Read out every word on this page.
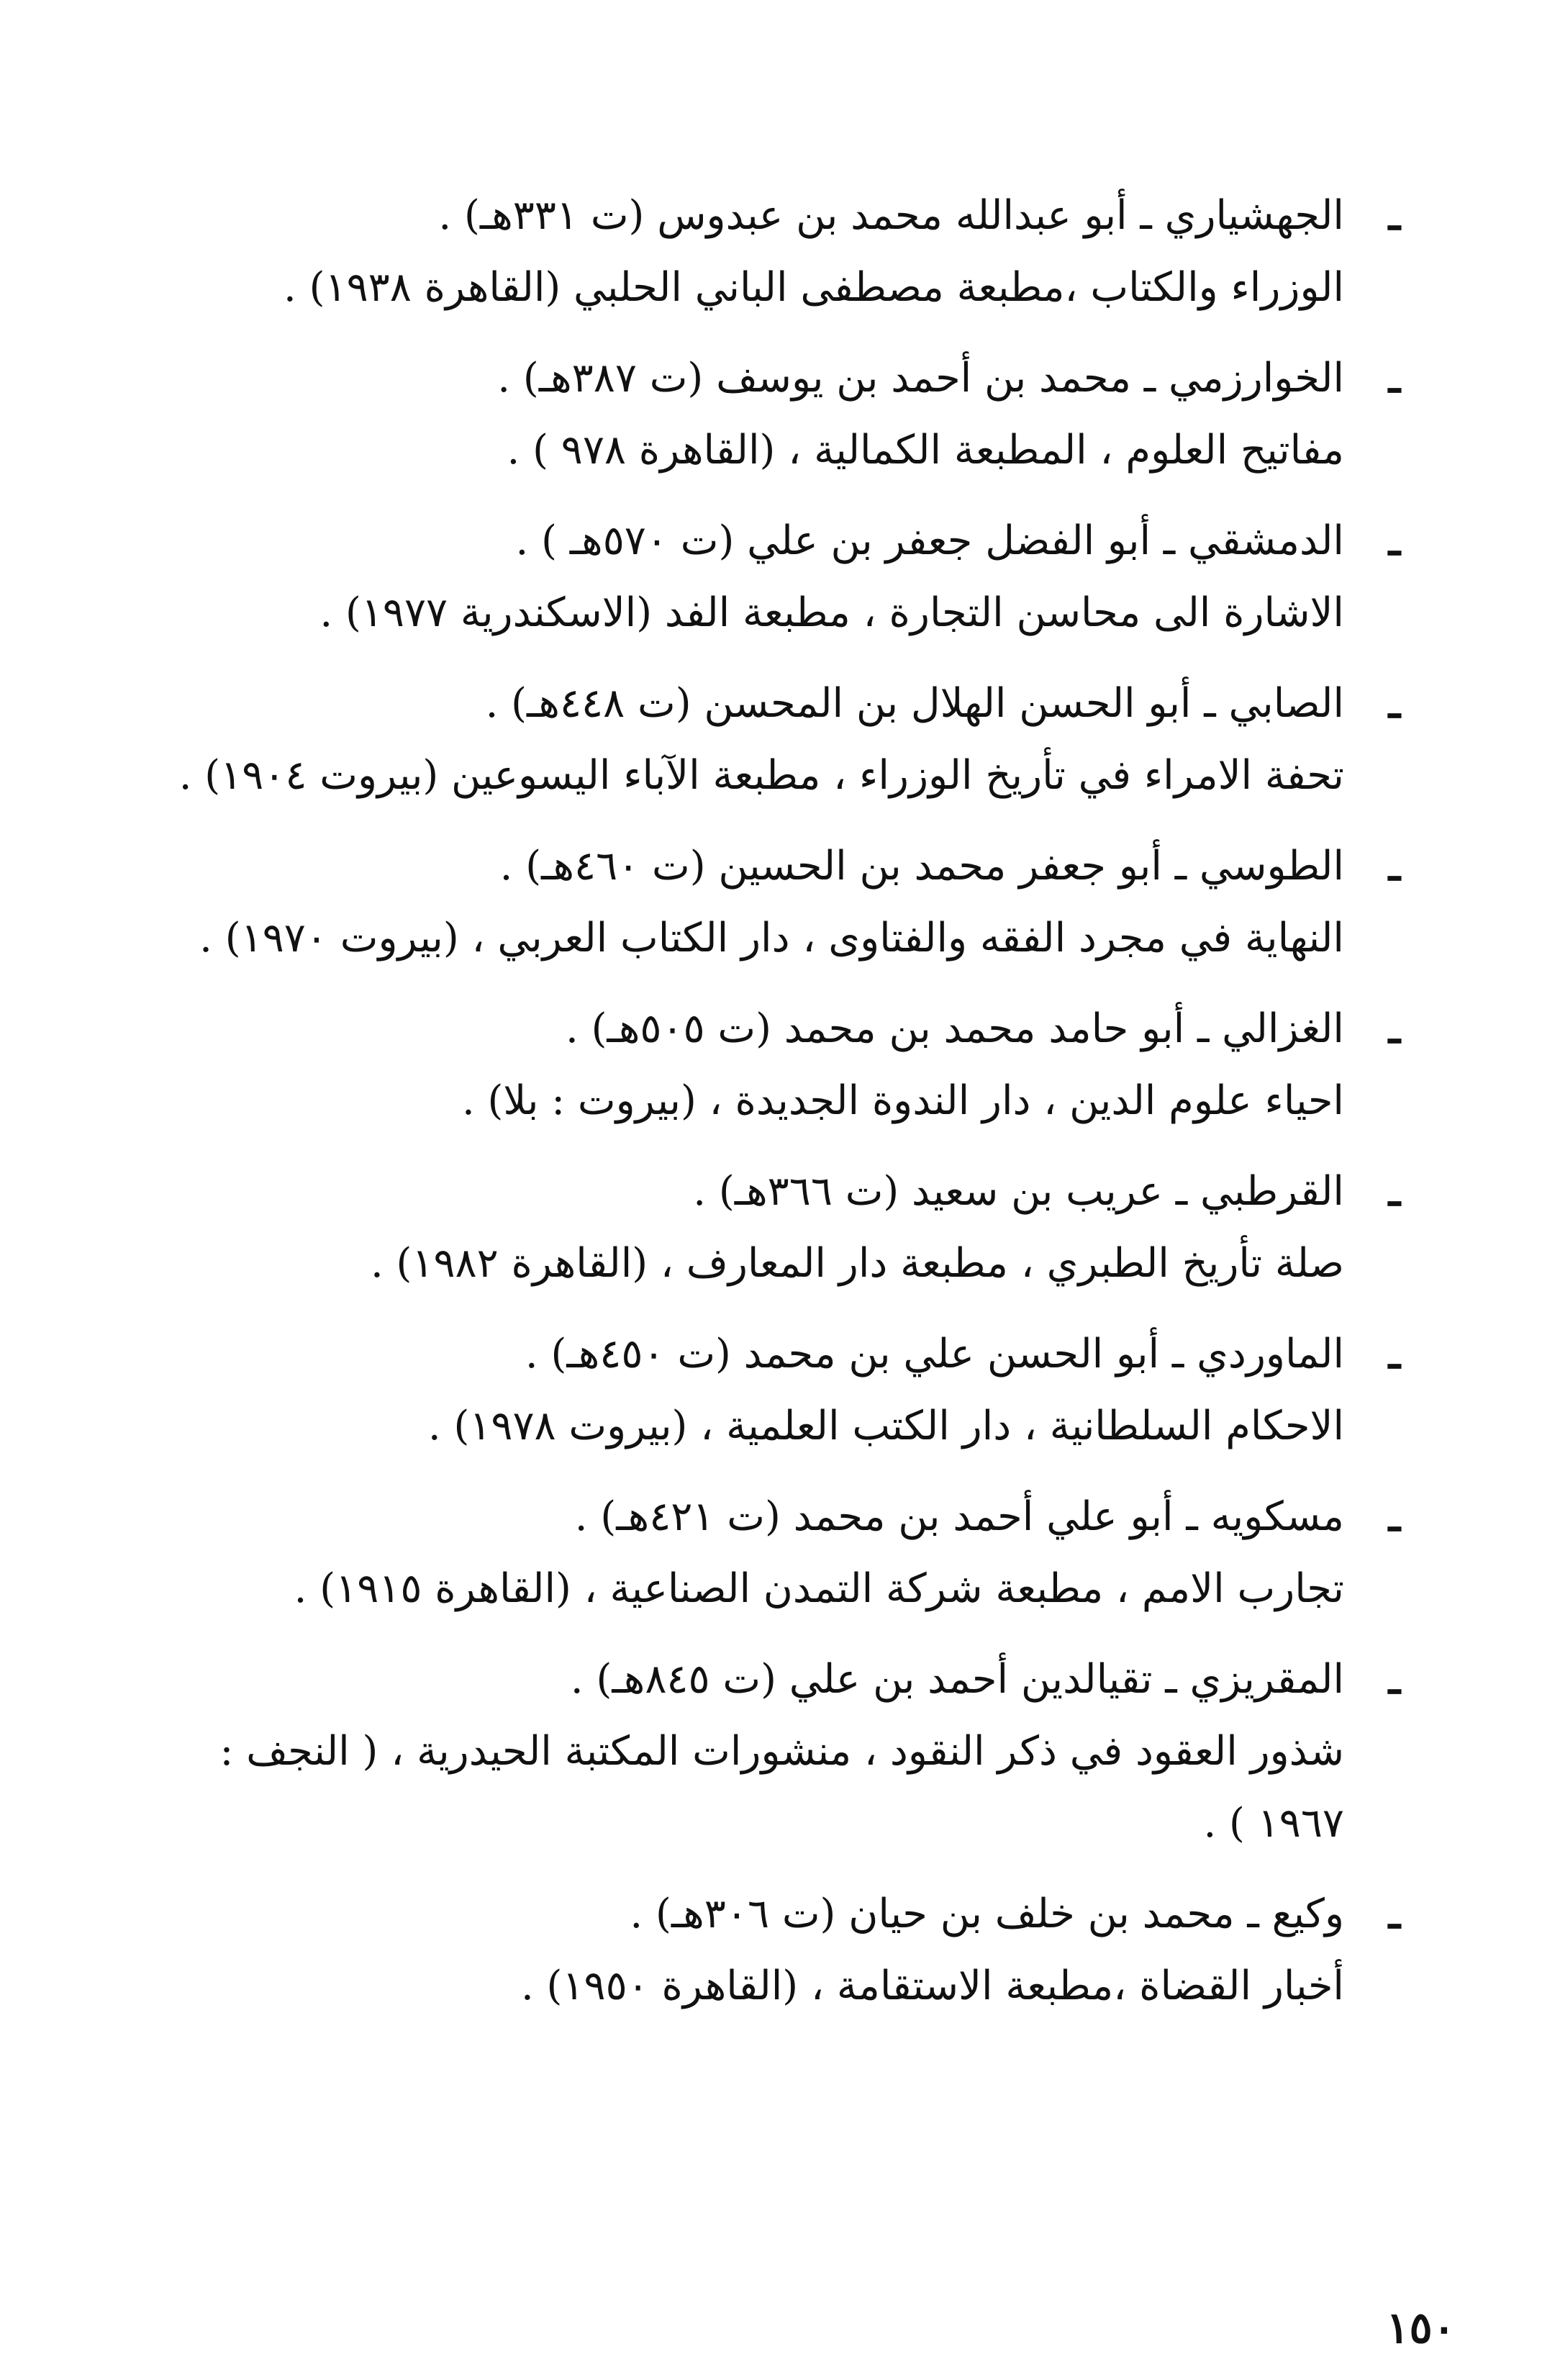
ـ
الجهشياري ـ أبو عبدالله محمد بن عبدوس (ت ٣٣١هـ) .
الوزراء والكتاب ،مطبعة مصطفى الباني الحلبي (القاهرة ١٩٣٨) .
ـ
الخوارزمي ـ محمد بن أحمد بن يوسف (ت ٣٨٧هـ) .
مفاتيح العلوم ، المطبعة الكمالية ، (القاهرة ٩٧٨ ) .
ـ
الدمشقي ـ أبو الفضل جعفر بن علي (ت ٥٧٠هـ ) .
الاشارة الى محاسن التجارة ، مطبعة الفد (الاسكندرية ١٩٧٧) .
ـ
الصابي ـ أبو الحسن الهلال بن المحسن (ت ٤٤٨هـ) .
تحفة الامراء في تأريخ الوزراء ، مطبعة الآباء اليسوعين (بيروت ١٩٠٤) .
ـ
الطوسي ـ أبو جعفر محمد بن الحسين (ت ٤٦٠هـ) .
النهاية في مجرد الفقه والفتاوى ، دار الكتاب العربي ، (بيروت ١٩٧٠) .
ـ
الغزالي ـ أبو حامد محمد بن محمد (ت ٥٠٥هـ) .
احياء علوم الدين ، دار الندوة الجديدة ، (بيروت : بلا) .
ـ
القرطبي ـ عريب بن سعيد (ت ٣٦٦هـ) .
صلة تأريخ الطبري ، مطبعة دار المعارف ، (القاهرة ١٩٨٢) .
ـ
الماوردي ـ أبو الحسن علي بن محمد (ت ٤٥٠هـ) .
الاحكام السلطانية ، دار الكتب العلمية ، (بيروت ١٩٧٨) .
ـ
مسكويه ـ أبو علي أحمد بن محمد (ت ٤٢١هـ) .
تجارب الامم ، مطبعة شركة التمدن الصناعية ، (القاهرة ١٩١٥) .
ـ
المقريزي ـ تقيالدين أحمد بن علي (ت ٨٤٥هـ) .
شذور العقود في ذكر النقود ، منشورات المكتبة الحيدرية ، ( النجف :
١٩٦٧ ) .
ـ
وكيع ـ محمد بن خلف بن حيان (ت ٣٠٦هـ) .
أخبار القضاة ،مطبعة الاستقامة ، (القاهرة ١٩٥٠) .
١٥٠
